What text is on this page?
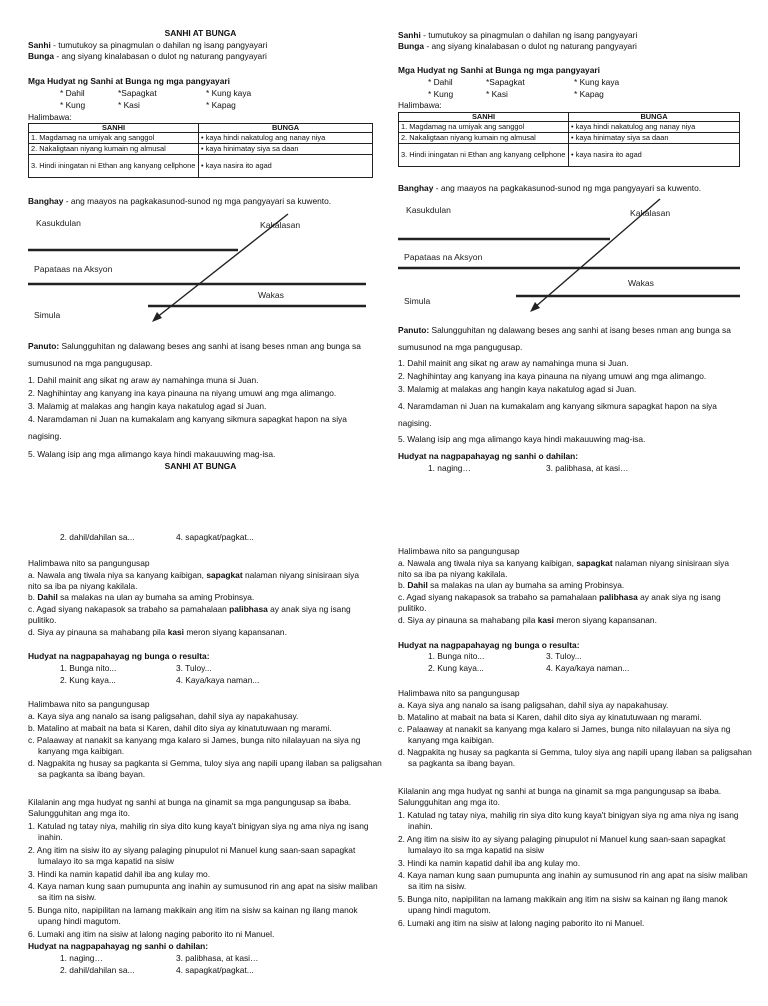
SANHI AT BUNGA
Sanhi - tumutukoy sa pinagmulan o dahilan ng isang pangyayari
Bunga - ang siyang kinalabasan o dulot ng naturang pangyayari
Mga Hudyat ng Sanhi at Bunga ng mga pangyayari
* Dahil	*Sapagkat	* Kung kaya
* Kung	* Kasi	* Kapag
Halimbawa:
SANHI	BUNGA
1. Magdamag na umiyak ang sanggol	• kaya hindi nakatulog ang nanay niya
2. Nakaligtaan niyang kumain ng almusal	• kaya hinimatay siya sa daan
3. Hindi iningatan ni Ethan ang kanyang cellphone	• kaya nasira ito agad
Banghay - ang maayos na pagkakasunod-sunod ng mga pangyayari sa kuwento.
Kasukdulan	Kakalasan
Papataas na Aksyon
Wakas
Simula
Panuto: Salungguhitan ng dalawang beses ang sanhi at isang beses nman ang bunga sa sumusunod na mga pangugusap.
1. Dahil mainit ang sikat ng araw ay namahinga muna si Juan.
2. Naghihintay ang kanyang ina kaya pinauna na niyang umuwi ang mga alimango.
3. Malamig at malakas ang hangin kaya nakatulog agad si Juan.
4. Naramdaman ni Juan na kumakalam ang kanyang sikmura sapagkat hapon na siya nagising.
5. Walang isip ang mga alimango kaya hindi makauuwing mag-isa.
SANHI AT BUNGA
2. dahil/dahilan sa...	4. sapagkat/pagkat...
Halimbawa nito sa pangungusap
a. Nawala ang tiwala niya sa kanyang kaibigan, sapagkat nalaman niyang sinisiraan siya nito sa iba pa niyang kakilala.
b. Dahil sa malakas na ulan ay bumaha sa aming Probinsya.
c. Agad siyang nakapasok sa trabaho sa pamahalaan palibhasa ay anak siya ng isang pulitiko.
d. Siya ay pinauna sa mahabang pila kasi meron siyang kapansanan.
Hudyat na nagpapahayag ng bunga o resulta:
1. Bunga nito...	3. Tuloy...
2. Kung kaya...	4. Kaya/kaya naman...
Halimbawa nito sa pangungusap
a. Kaya siya ang nanalo sa isang paligsahan, dahil siya ay napakahusay.
b. Matalino at mabait na bata si Karen, dahil dito siya ay kinatutuwaan ng marami.
c. Palaaway at nanakit sa kanyang mga kalaro si James, bunga nito nilalayuan na siya ng kanyang mga kaibigan.
d. Nagpakita ng husay sa pagkanta si Gemma, tuloy siya ang napili upang ilaban sa paligsahan sa pagkanta sa ibang bayan.
Kilalanin ang mga hudyat ng sanhi at bunga na ginamit sa mga pangungusap sa ibaba. Salungguhitan ang mga ito.
1. Katulad ng tatay niya, mahilig rin siya dito kung kaya't binigyan siya ng ama niya ng isang inahin.
2. Ang itim na sisiw ito ay siyang palaging pinupulot ni Manuel kung saan-saan sapagkat lumalayo ito sa mga kapatid na sisiw
3. Hindi ka namin kapatid dahil iba ang kulay mo.
4. Kaya naman kung saan pumupunta ang inahin ay sumusunod rin ang apat na sisiw maliban sa itim na sisiw.
5. Bunga nito, napipilitan na lamang makikain ang itim na sisiw sa kainan ng ilang manok upang hindi magutom.
6. Lumaki ang itim na sisiw at lalong naging paborito ito ni Manuel.
Hudyat na nagpapahayag ng sanhi o dahilan:
1. naging…	3. palibhasa, at kasi…
2. dahil/dahilan sa...	4. sapagkat/pagkat...
Sanhi - tumutukoy sa pinagmulan o dahilan ng isang pangyayari
Bunga - ang siyang kinalabasan o dulot ng naturang pangyayari
Mga Hudyat ng Sanhi at Bunga ng mga pangyayari
* Dahil	*Sapagkat	* Kung kaya
* Kung	* Kasi	* Kapag
Halimbawa:
SANHI	BUNGA
1. Magdamag na umiyak ang sanggol	• kaya hindi nakatulog ang nanay niya
2. Nakaligtaan niyang kumain ng almusal	• kaya hinimatay siya sa daan
3. Hindi iningatan ni Ethan ang kanyang cellphone	• kaya nasira ito agad
Banghay - ang maayos na pagkakasunod-sunod ng mga pangyayari sa kuwento.
Kasukdulan	Kakalasan
Papataas na Aksyon
Wakas
Simula
Panuto: Salungguhitan ng dalawang beses ang sanhi at isang beses nman ang bunga sa sumusunod na mga pangugusap.
1. Dahil mainit ang sikat ng araw ay namahinga muna si Juan.
2. Naghihintay ang kanyang ina kaya pinauna na niyang umuwi ang mga alimango.
3. Malamig at malakas ang hangin kaya nakatulog agad si Juan.
4. Naramdaman ni Juan na kumakalam ang kanyang sikmura sapagkat hapon na siya nagising.
5. Walang isip ang mga alimango kaya hindi makauuwing mag-isa.
Hudyat na nagpapahayag ng sanhi o dahilan:
1. naging…	3. palibhasa, at kasi…
Halimbawa nito sa pangungusap
a. Nawala ang tiwala niya sa kanyang kaibigan, sapagkat nalaman niyang sinisiraan siya nito sa iba pa niyang kakilala.
b. Dahil sa malakas na ulan ay bumaha sa aming Probinsya.
c. Agad siyang nakapasok sa trabaho sa pamahalaan palibhasa ay anak siya ng isang pulitiko.
d. Siya ay pinauna sa mahabang pila kasi meron siyang kapansanan.
Hudyat na nagpapahayag ng bunga o resulta:
1. Bunga nito...	3. Tuloy...
2. Kung kaya...	4. Kaya/kaya naman...
Halimbawa nito sa pangungusap
a. Kaya siya ang nanalo sa isang paligsahan, dahil siya ay napakahusay.
b. Matalino at mabait na bata si Karen, dahil dito siya ay kinatutuwaan ng marami.
c. Palaaway at nanakit sa kanyang mga kalaro si James, bunga nito nilalayuan na siya ng kanyang mga kaibigan.
d. Nagpakita ng husay sa pagkanta si Gemma, tuloy siya ang napili upang ilaban sa paligsahan sa pagkanta sa ibang bayan.
Kilalanin ang mga hudyat ng sanhi at bunga na ginamit sa mga pangungusap sa ibaba. Salungguhitan ang mga ito.
1. Katulad ng tatay niya, mahilig rin siya dito kung kaya't binigyan siya ng ama niya ng isang inahin.
2. Ang itim na sisiw ito ay siyang palaging pinupulot ni Manuel kung saan-saan sapagkat lumalayo ito sa mga kapatid na sisiw
3. Hindi ka namin kapatid dahil iba ang kulay mo.
4. Kaya naman kung saan pumupunta ang inahin ay sumusunod rin ang apat na sisiw maliban sa itim na sisiw.
5. Bunga nito, napipilitan na lamang makikain ang itim na sisiw sa kainan ng ilang manok upang hindi magutom.
6. Lumaki ang itim na sisiw at lalong naging paborito ito ni Manuel.
